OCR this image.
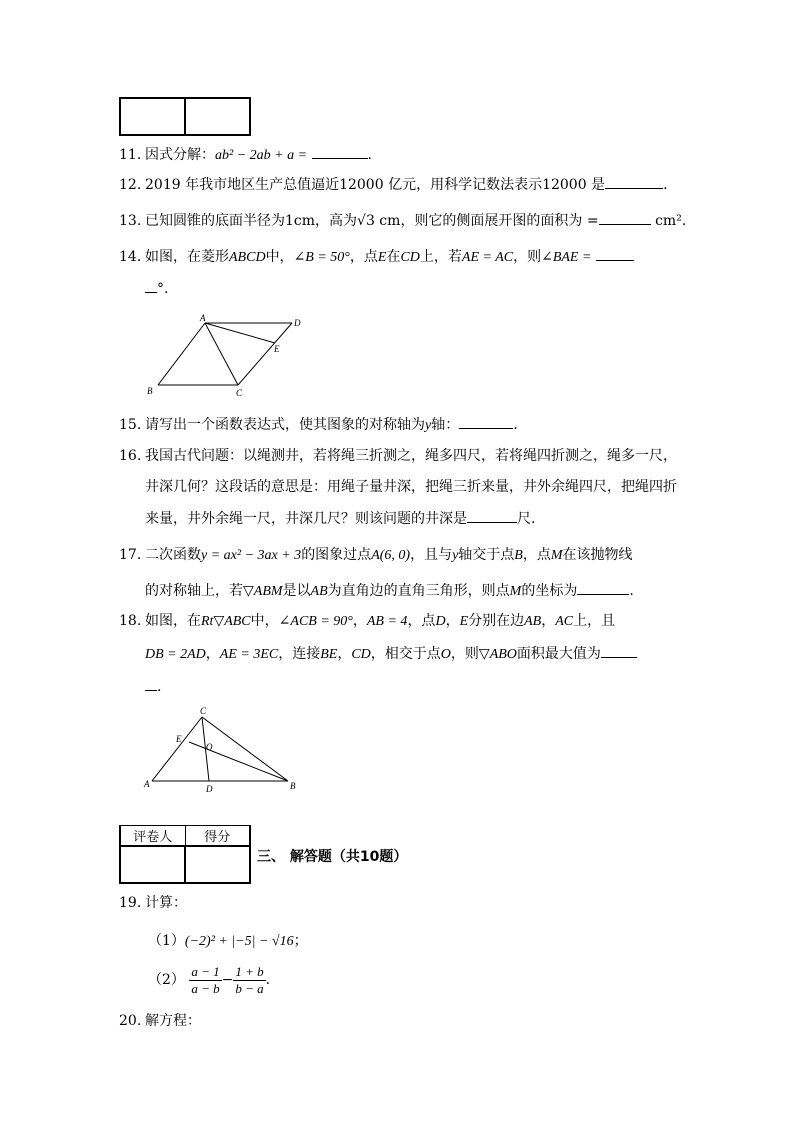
11. 因式分解：ab² − 2ab + a =	.
12. 2019 年我市地区生产总值逼近12000 亿元，用科学记数法表示12000 是	.
13. 已知圆锥的底面半径为1cm，高为√3 cm，则它的侧面展开图的面积为 =	cm².
14. 如图，在菱形ABCD中，∠B = 50°，点E在CD上，若AE = AC，则∠BAE =
°.
A	D
E
B	C
15. 请写出一个函数表达式，使其图象的对称轴为y轴：	.
16. 我国古代问题：以绳测井，若将绳三折测之，绳多四尺，若将绳四折测之，绳多一尺，
井深几何？这段话的意思是：用绳子量井深，把绳三折来量，井外余绳四尺，把绳四折
来量，井外余绳一尺，井深几尺？则该问题的井深是	尺.
17. 二次函数y = ax² − 3ax + 3的图象过点A(6, 0)，且与y轴交于点B，点M在该抛物线
的对称轴上，若▽ABM是以AB为直角边的直角三角形，则点M的坐标为	.
18. 如图，在Rt▽ABC中，∠ACB = 90°，AB = 4，点D，E分别在边AB，AC上，且
DB = 2AD，AE = 3EC，连接BE，CD，相交于点O，则▽ABO面积最大值为
.
C
E
O
A	D	B
评卷人	得分

三、 解答题（共10题）
19. 计算：
（1）(−2)² + |−5| − √16；
$(2) \frac{a - 1}{a - b} - \frac{1 + b}{b - a}$ .
20. 解方程：
